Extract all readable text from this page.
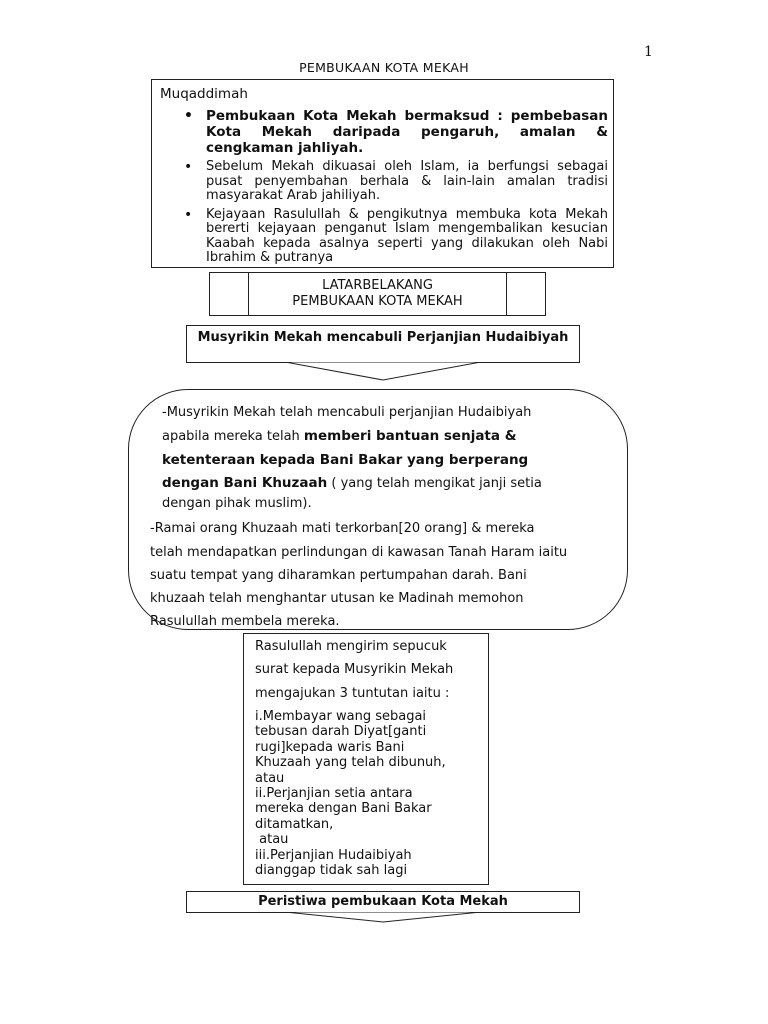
1
PEMBUKAAN KOTA MEKAH
Muqaddimah
• Pembukaan Kota Mekah bermaksud : pembebasan Kota Mekah daripada pengaruh, amalan & cengkaman jahliyah.
• Sebelum Mekah dikuasai oleh Islam, ia berfungsi sebagai pusat penyembahan berhala & lain-lain amalan tradisi masyarakat Arab jahiliyah.
• Kejayaan Rasulullah & pengikutnya membuka kota Mekah bererti kejayaan penganut Islam mengembalikan kesucian Kaabah kepada asalnya seperti yang dilakukan oleh Nabi Ibrahim & putranya
LATARBELAKANG
PEMBUKAAN KOTA MEKAH
Musyrikin Mekah mencabuli Perjanjian Hudaibiyah
-Musyrikin Mekah telah mencabuli perjanjian Hudaibiyah
apabila mereka telah memberi bantuan senjata &
ketenteraan kepada Bani Bakar yang berperang
dengan Bani Khuzaah ( yang telah mengikat janji setia
dengan pihak muslim).
-Ramai orang Khuzaah mati terkorban[20 orang] & mereka
telah mendapatkan perlindungan di kawasan Tanah Haram iaitu
suatu tempat yang diharamkan pertumpahan darah. Bani
khuzaah telah menghantar utusan ke Madinah memohon
Rasulullah membela mereka.
Rasulullah mengirim sepucuk
surat kepada Musyrikin Mekah
mengajukan 3 tuntutan iaitu :
i.Membayar wang sebagai
tebusan darah Diyat[ganti
rugi]kepada waris Bani
Khuzaah yang telah dibunuh,
atau
ii.Perjanjian setia antara
mereka dengan Bani Bakar
ditamatkan,
atau
iii.Perjanjian Hudaibiyah
dianggap tidak sah lagi
Peristiwa pembukaan Kota Mekah
